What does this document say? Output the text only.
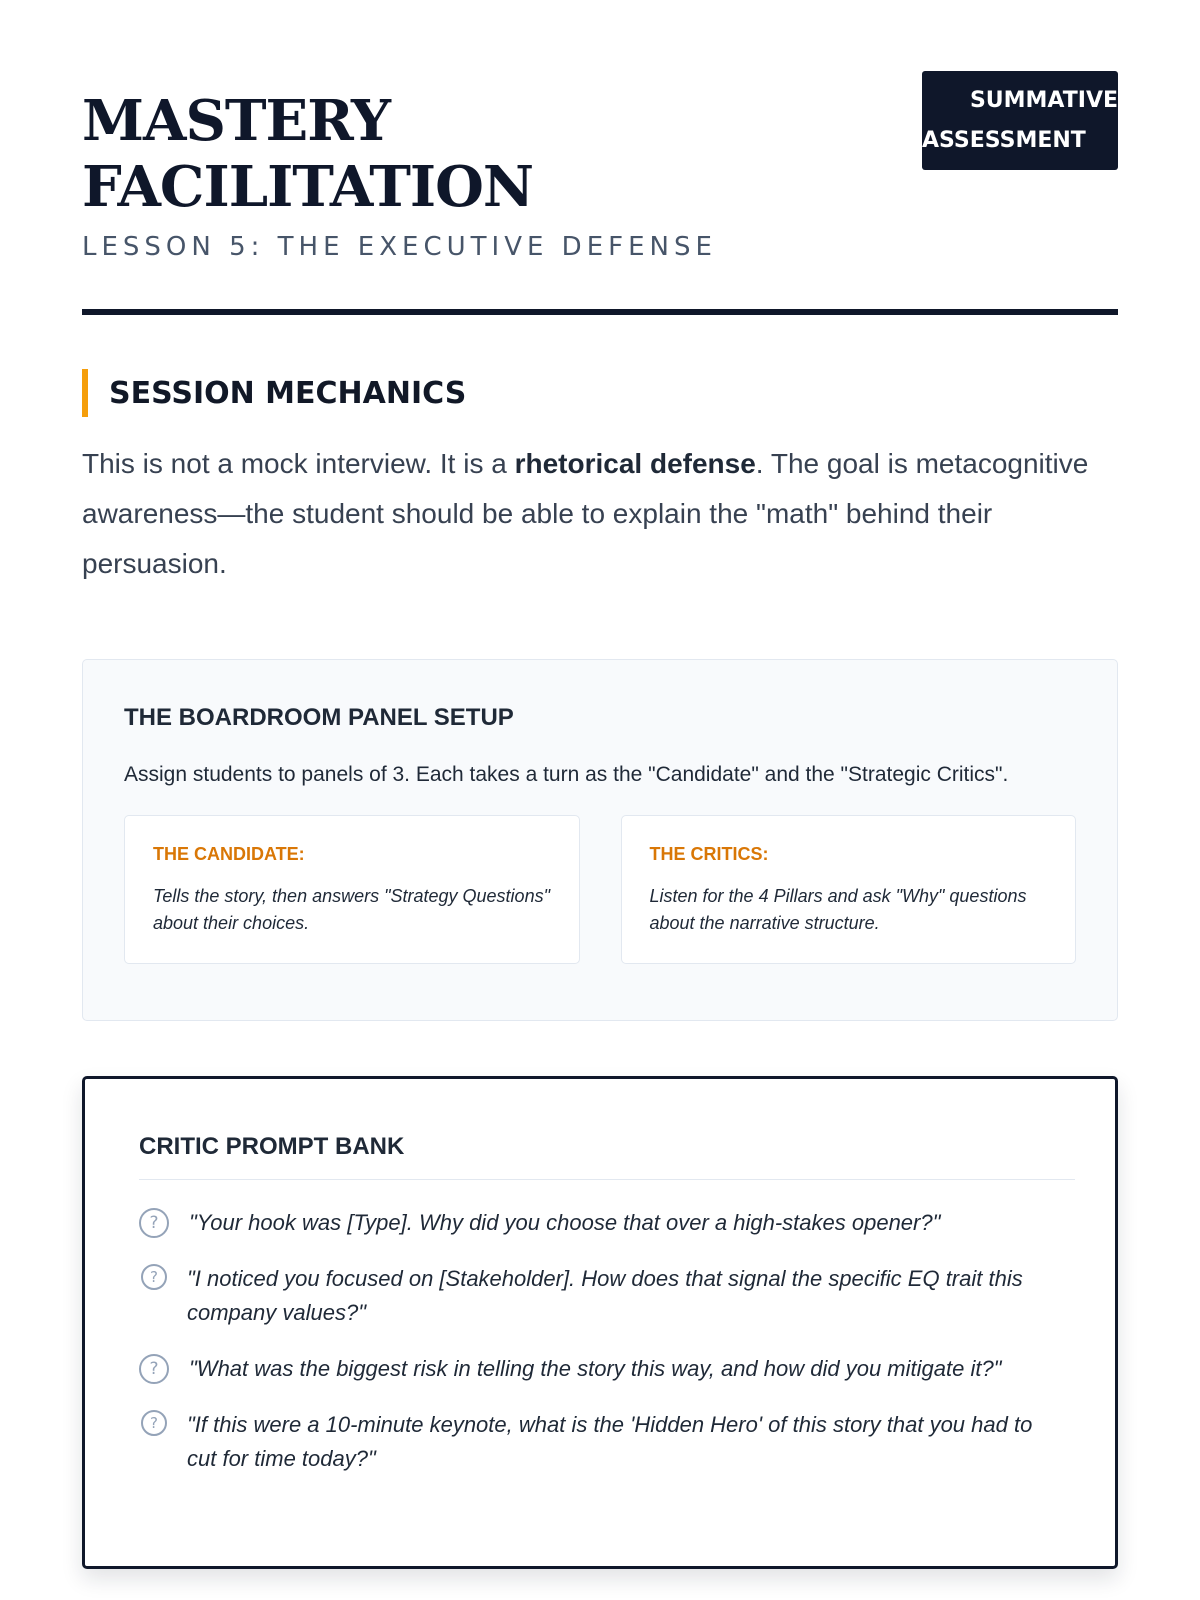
MASTERY
FACILITATION
LESSON 5: THE EXECUTIVE DEFENSE
SUMMATIVE
ASSESSMENT
SESSION MECHANICS

This is not a mock interview. It is a rhetorical defense. The goal is metacognitive awareness—the student should be able to explain the "math" behind their persuasion.

THE BOARDROOM PANEL SETUP

Assign students to panels of 3. Each takes a turn as the "Candidate" and the "Strategic Critics".

THE CANDIDATE:
Tells the story, then answers "Strategy Questions" about their choices.
THE CRITICS:
Listen for the 4 Pillars and ask "Why" questions about the narrative structure.
CRITIC PROMPT BANK
?	"Your hook was [Type]. Why did you choose that over a high-stakes opener?"
?	"I noticed you focused on [Stakeholder]. How does that signal the specific EQ trait this company values?"
?	"What was the biggest risk in telling the story this way, and how did you mitigate it?"
?	"If this were a 10-minute keynote, what is the 'Hidden Hero' of this story that you had to cut for time today?"
